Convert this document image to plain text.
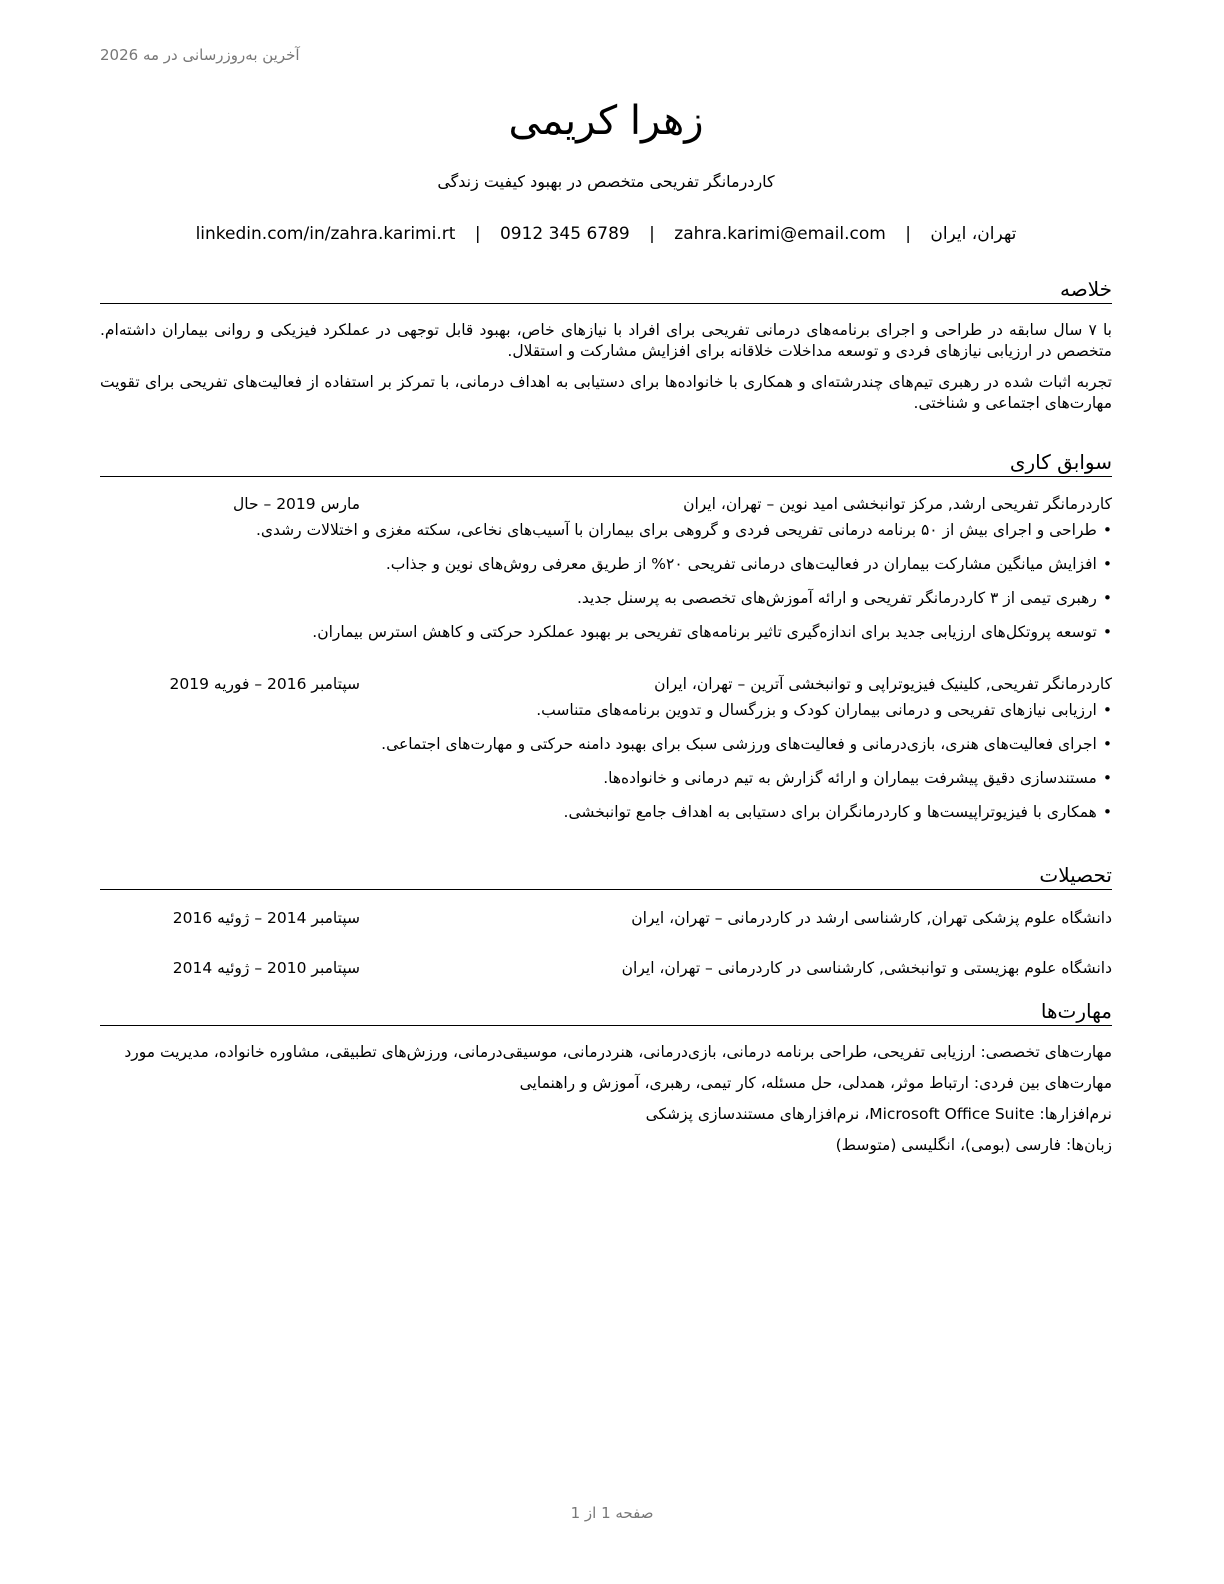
آخرین به‌روزرسانی در مه 2026
زهرا کریمی
کاردرمانگر تفریحی متخصص در بهبود کیفیت زندگی
تهران، ایران | zahra.karimi@email.com | 0912 345 6789 | linkedin.com/in/zahra.karimi.rt
خلاصه

با ۷ سال سابقه در طراحی و اجرای برنامه‌های درمانی تفریحی برای افراد با نیازهای خاص، بهبود قابل توجهی در عملکرد فیزیکی و روانی بیماران داشته‌ام. متخصص در ارزیابی نیازهای فردی و توسعه مداخلات خلاقانه برای افزایش مشارکت و استقلال.

تجربه اثبات شده در رهبری تیم‌های چندرشته‌ای و همکاری با خانواده‌ها برای دستیابی به اهداف درمانی، با تمرکز بر استفاده از فعالیت‌های تفریحی برای تقویت مهارت‌های اجتماعی و شناختی.

سوابق کاری
کاردرمانگر تفریحی ارشد, مرکز توانبخشی امید نوین – تهران، ایران
مارس 2019 – حال
• طراحی و اجرای بیش از ۵۰ برنامه درمانی تفریحی فردی و گروهی برای بیماران با آسیب‌های نخاعی، سکته مغزی و اختلالات رشدی.
• افزایش میانگین مشارکت بیماران در فعالیت‌های درمانی تفریحی ۲۰% از طریق معرفی روش‌های نوین و جذاب.
• رهبری تیمی از ۳ کاردرمانگر تفریحی و ارائه آموزش‌های تخصصی به پرسنل جدید.
• توسعه پروتکل‌های ارزیابی جدید برای اندازه‌گیری تاثیر برنامه‌های تفریحی بر بهبود عملکرد حرکتی و کاهش استرس بیماران.
کاردرمانگر تفریحی, کلینیک فیزیوتراپی و توانبخشی آترین – تهران، ایران
سپتامبر 2016 – فوریه 2019
• ارزیابی نیازهای تفریحی و درمانی بیماران کودک و بزرگسال و تدوین برنامه‌های متناسب.
• اجرای فعالیت‌های هنری، بازی‌درمانی و فعالیت‌های ورزشی سبک برای بهبود دامنه حرکتی و مهارت‌های اجتماعی.
• مستندسازی دقیق پیشرفت بیماران و ارائه گزارش به تیم درمانی و خانواده‌ها.
• همکاری با فیزیوتراپیست‌ها و کاردرمانگران برای دستیابی به اهداف جامع توانبخشی.
تحصیلات
دانشگاه علوم پزشکی تهران, کارشناسی ارشد در کاردرمانی – تهران، ایران
سپتامبر 2014 – ژوئیه 2016
دانشگاه علوم بهزیستی و توانبخشی, کارشناسی در کاردرمانی – تهران، ایران
سپتامبر 2010 – ژوئیه 2014
مهارت‌ها

مهارت‌های تخصصی: ارزیابی تفریحی، طراحی برنامه درمانی، بازی‌درمانی، هنردرمانی، موسیقی‌درمانی، ورزش‌های تطبیقی، مشاوره خانواده، مدیریت مورد

مهارت‌های بین فردی: ارتباط موثر، همدلی، حل مسئله، کار تیمی، رهبری، آموزش و راهنمایی

نرم‌افزارها: Microsoft Office Suite، نرم‌افزارهای مستندسازی پزشکی

زبان‌ها: فارسی (بومی)، انگلیسی (متوسط)

صفحه 1 از 1
